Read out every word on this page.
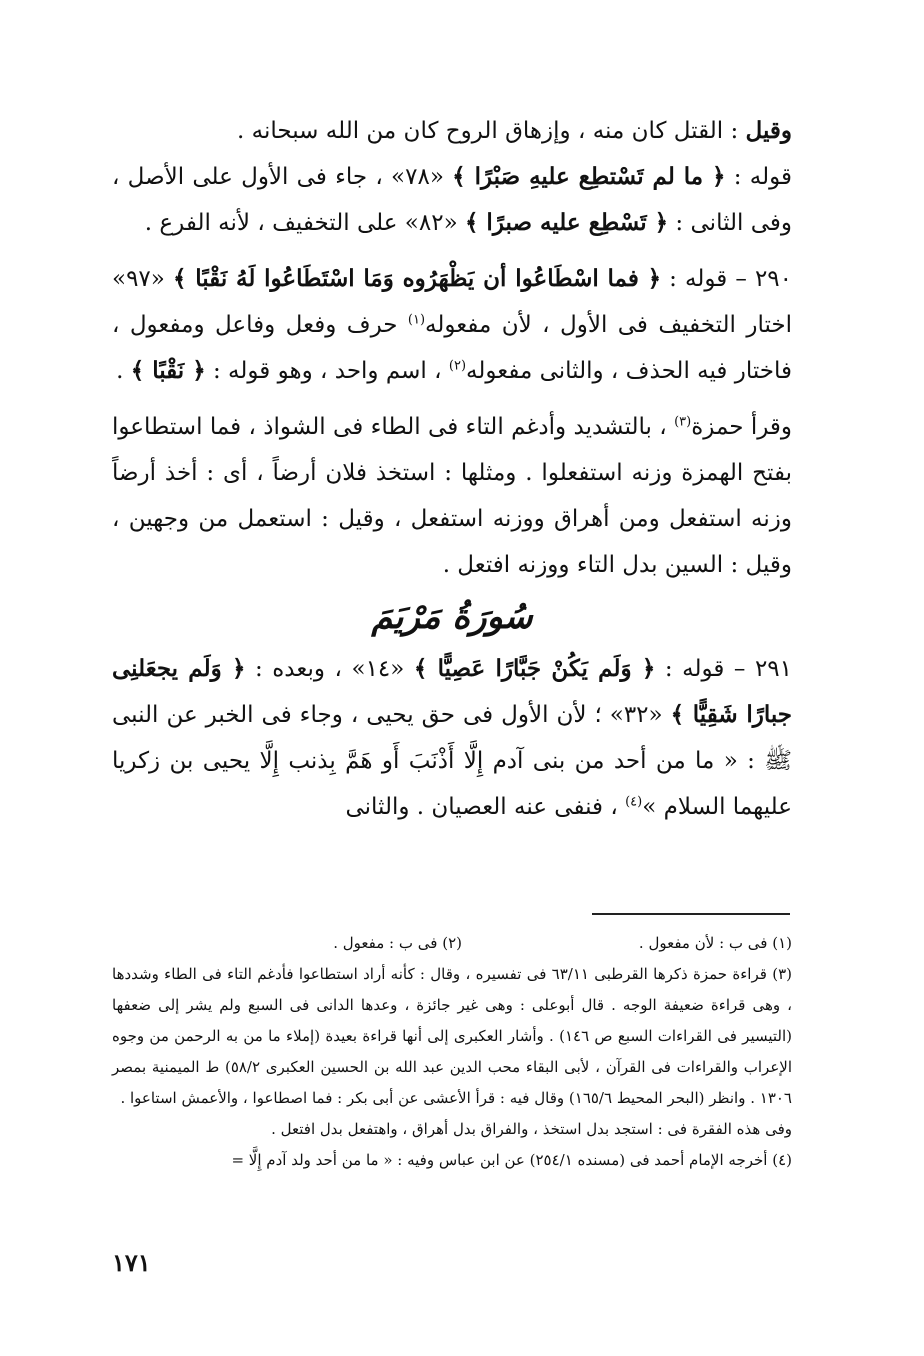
وقيل : القتل كان منه ، وإزهاق الروح كان من الله سبحانه .

قوله : ﴿ ما لم تَسْتطِع عليهِ صَبْرًا ﴾ «٧٨» ، جاء فى الأول على الأصل ، وفى الثانى : ﴿ تَسْطِع عليه صبرًا ﴾ «٨٢» على التخفيف ، لأنه الفرع .

٢٩٠ – قوله : ﴿ فما اسْطَاعُوا أن يَظْهَرُوه وَمَا اسْتَطَاعُوا لَهُ نَقْبًا ﴾ «٩٧» اختار التخفيف فى الأول ، لأن مفعوله$^{(١)}$ حرف وفعل وفاعل ومفعول ، فاختار فيه الحذف ، والثانى مفعوله$^{(٢)}$ ، اسم واحد ، وهو قوله : ﴿ نَقْبًا ﴾ .

وقرأ حمزة$^{(٣)}$ ، بالتشديد وأدغم التاء فى الطاء فى الشواذ ، فما استطاعوا بفتح الهمزة وزنه استفعلوا . ومثلها : استخذ فلان أرضاً ، أى : أخذ أرضاً وزنه استفعل ومن أهراق ووزنه استفعل ، وقيل : استعمل من وجهين ، وقيل : السين بدل التاء ووزنه افتعل .

سُورَةُ مَرْيَمَ

٢٩١ – قوله : ﴿ وَلَم يَكُنْ جَبَّارًا عَصِيًّا ﴾ «١٤» ، وبعده : ﴿ وَلَم يجعَلنِى جبارًا شَقِيًّا ﴾ «٣٢» ؛ لأن الأول فى حق يحيى ، وجاء فى الخبر عن النبى ﷺ : « ما من أحد من بنى آدم إِلَّا أَذْنَبَ أَو هَمَّ بِذنب إِلَّا يحيى بن زكريا عليهما السلام »$^{(٤)}$ ، فنفى عنه العصيان . والثانى

(١) فى ب : لأن مفعول .
(٢) فى ب : مفعول .

(٣) قراءة حمزة ذكرها القرطبى ٦٣/١١ فى تفسيره ، وقال : كأنه أراد استطاعوا فأدغم التاء فى الطاء وشددها ، وهى قراءة ضعيفة الوجه . قال أبوعلى : وهى غير جائزة ، وعدها الدانى فى السبع ولم يشر إلى ضعفها (التيسير فى القراءات السبع ص ١٤٦) . وأشار العكبرى إلى أنها قراءة بعيدة (إملاء ما من به الرحمن من وجوه الإعراب والقراءات فى القرآن ، لأبى البقاء محب الدين عبد الله بن الحسين العكبرى ٥٨/٢) ط الميمنية بمصر ١٣٠٦ . وانظر (البحر المحيط ١٦٥/٦) وقال فيه : قرأ الأعشى عن أبى بكر : فما اصطاعوا ، والأعمش استاعوا .

وفى هذه الفقرة فى : استجد بدل استخذ ، والفراق بدل أهراق ، واهتفعل بدل افتعل .

(٤) أخرجه الإمام أحمد فى (مسنده ٢٥٤/١) عن ابن عباس وفيه : « ما من أحد ولد آدم إِلَّا =

١٧١
